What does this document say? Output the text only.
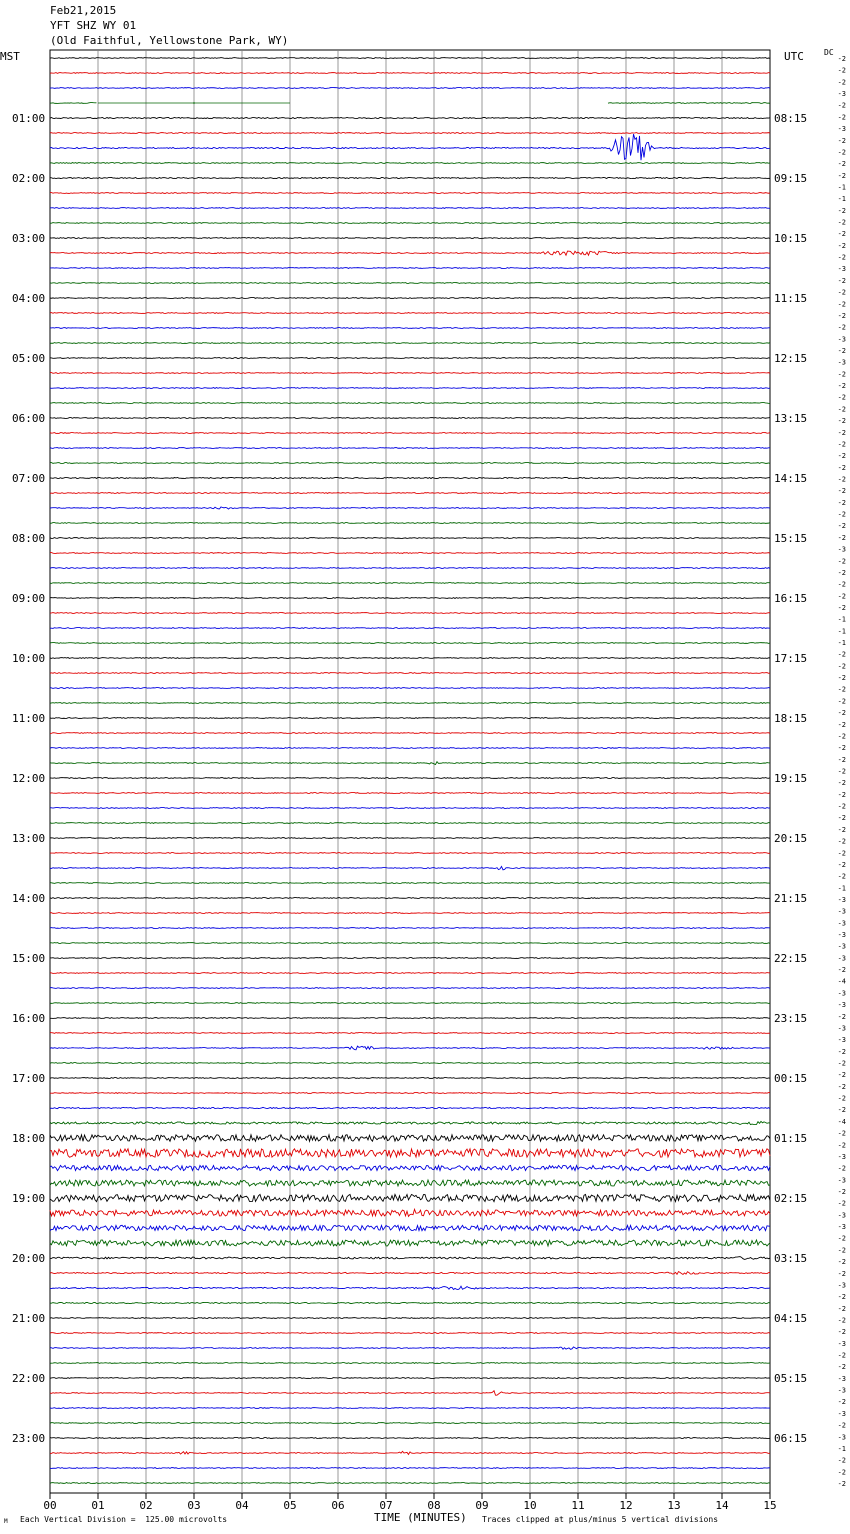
Feb21,2015
YFT SHZ WY 01
(Old Faithful, Yellowstone Park, WY)
MST	UTC	DC
00	01	02	03	04	05	06	07	08	09	10	11	12	13	14	15
01:00
02:00
03:00
04:00
05:00
06:00
07:00
08:00
09:00
10:00
11:00
12:00
13:00
14:00
15:00
16:00
17:00
18:00
19:00
20:00
21:00
22:00
23:00
08:15
09:15
10:15
11:15
12:15
13:15
14:15
15:15
16:15
17:15
18:15
19:15
20:15
21:15
22:15
23:15
00:15
01:15
02:15
03:15
04:15
05:15
06:15
-2
-2
-2
-3
-2
-2
-3
-2
-2
-2
-2
-1
-1
-2
-2
-2
-2
-2
-3
-2
-2
-2
-2
-2
-3
-2
-3
-2
-2
-2
-2
-2
-2
-2
-2
-2
-2
-2
-2
-2
-2
-2
-3
-2
-2
-2
-2
-2
-1
-1
-1
-2
-2
-2
-2
-2
-2
-2
-2
-2
-2
-2
-2
-2
-2
-2
-2
-2
-2
-2
-2
-1
-3
-3
-3
-3
-3
-3
-2
-4
-3
-3
-2
-3
-3
-2
-2
-2
-2
-2
-2
-4
-2
-2
-3
-2
-3
-2
-2
-3
-3
-2
-2
-2
-2
-3
-2
-2
-2
-2
-3
-2
-2
-3
-3
-2
-3
-2
-3
-1
-2
-2
-2
M Each Vertical Division =  125.00 microvolts	TIME (MINUTES) Traces clipped at plus/minus 5 vertical divisions
